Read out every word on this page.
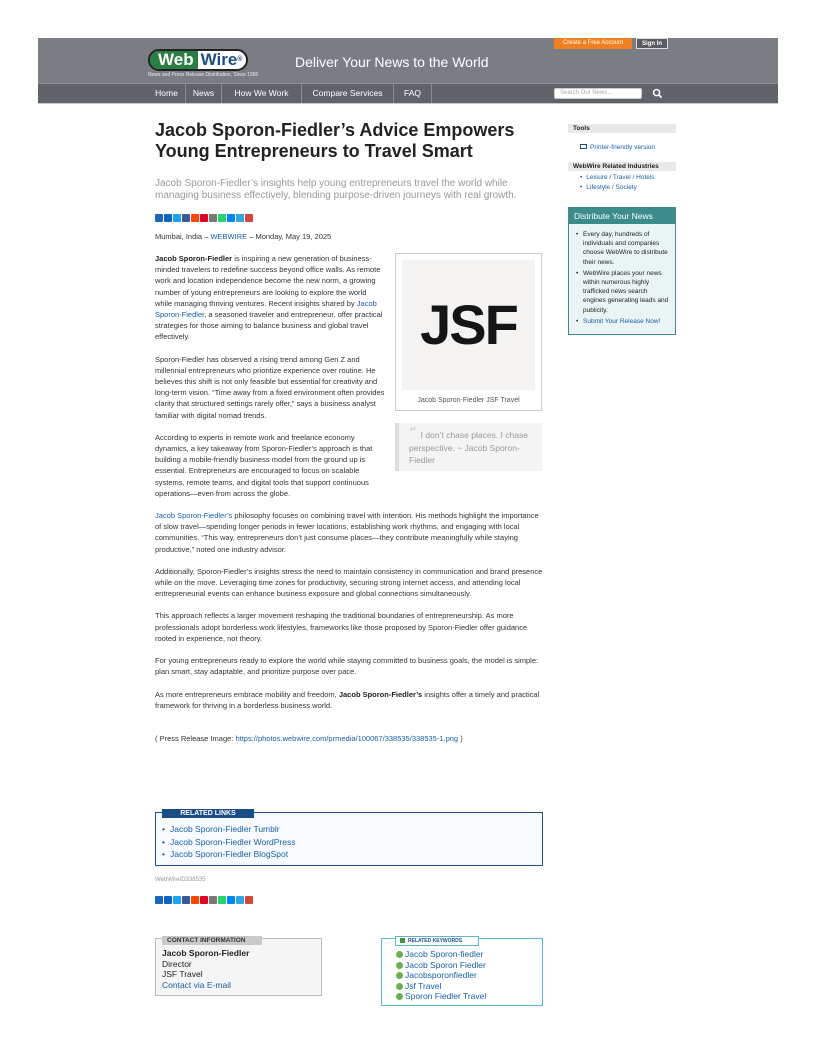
Web Wire®
News and Press Release Distribution, Since 1995
Deliver Your News to the World
Create a Free Account	Sign In
Home	News	How We Work	Compare Services	FAQ	Search Our News...
Jacob Sporon-Fiedler’s Advice Empowers Young Entrepreneurs to Travel Smart
Jacob Sporon-Fiedler’s insights help young entrepreneurs travel the world while managing business effectively, blending purpose-driven journeys with real growth.
Mumbai, India – WEBWIRE – Monday, May 19, 2025
JSF
Jacob Sporon-Fiedler JSF Travel
“ I don’t chase places. I chase perspective. ~ Jacob Sporon-Fiedler

Jacob Sporon-Fiedler is inspiring a new generation of business-minded travelers to redefine success beyond office walls. As remote work and location independence become the new norm, a growing number of young entrepreneurs are looking to explore the world while managing thriving ventures. Recent insights shared by Jacob Sporon-Fiedler, a seasoned traveler and entrepreneur, offer practical strategies for those aiming to balance business and global travel effectively.

Sporon-Fiedler has observed a rising trend among Gen Z and millennial entrepreneurs who prioritize experience over routine. He believes this shift is not only feasible but essential for creativity and long-term vision. “Time away from a fixed environment often provides clarity that structured settings rarely offer,” says a business analyst familiar with digital nomad trends.

According to experts in remote work and freelance economy dynamics, a key takeaway from Sporon-Fiedler’s approach is that building a mobile-friendly business model from the ground up is essential. Entrepreneurs are encouraged to focus on scalable systems, remote teams, and digital tools that support continuous operations—even from across the globe.

Jacob Sporon-Fiedler’s philosophy focuses on combining travel with intention. His methods highlight the importance of slow travel—spending longer periods in fewer locations, establishing work rhythms, and engaging with local communities. “This way, entrepreneurs don’t just consume places—they contribute meaningfully while staying productive,” noted one industry advisor.

Additionally, Sporon-Fiedler’s insights stress the need to maintain consistency in communication and brand presence while on the move. Leveraging time zones for productivity, securing strong internet access, and attending local entrepreneurial events can enhance business exposure and global connections simultaneously.

This approach reflects a larger movement reshaping the traditional boundaries of entrepreneurship. As more professionals adopt borderless work lifestyles, frameworks like those proposed by Sporon-Fiedler offer guidance rooted in experience, not theory.

For young entrepreneurs ready to explore the world while staying committed to business goals, the model is simple: plan smart, stay adaptable, and prioritize purpose over pace.

As more entrepreneurs embrace mobility and freedom, Jacob Sporon-Fiedler’s insights offer a timely and practical framework for thriving in a borderless business world.

( Press Release Image: https://photos.webwire.com/prmedia/100067/338535/338535-1.png )
RELATED LINKS
• Jacob Sporon-Fiedler Tumblr
• Jacob Sporon-Fiedler WordPress
• Jacob Sporon-Fiedler BlogSpot
WebWireID338535
CONTACT INFORMATION
Jacob Sporon-Fiedler
Director
JSF Travel
Contact via E-mail
RELATED KEYWORDS
Jacob Sporon-fiedler
Jacob Sporon Fiedler
Jacobsporonfiedler
Jsf Travel
Sporon Fiedler Travel
Tools
Printer-friendly version
WebWire Related Industries
• Leisure / Travel / Hotels
• Lifestyle / Society
Distribute Your News
• Every day, hundreds of individuals and companies choose WebWire to distribute their news.
• WebWire places your news within numerous highly trafficked news search engines generating leads and publicity.
• Submit Your Release Now!
